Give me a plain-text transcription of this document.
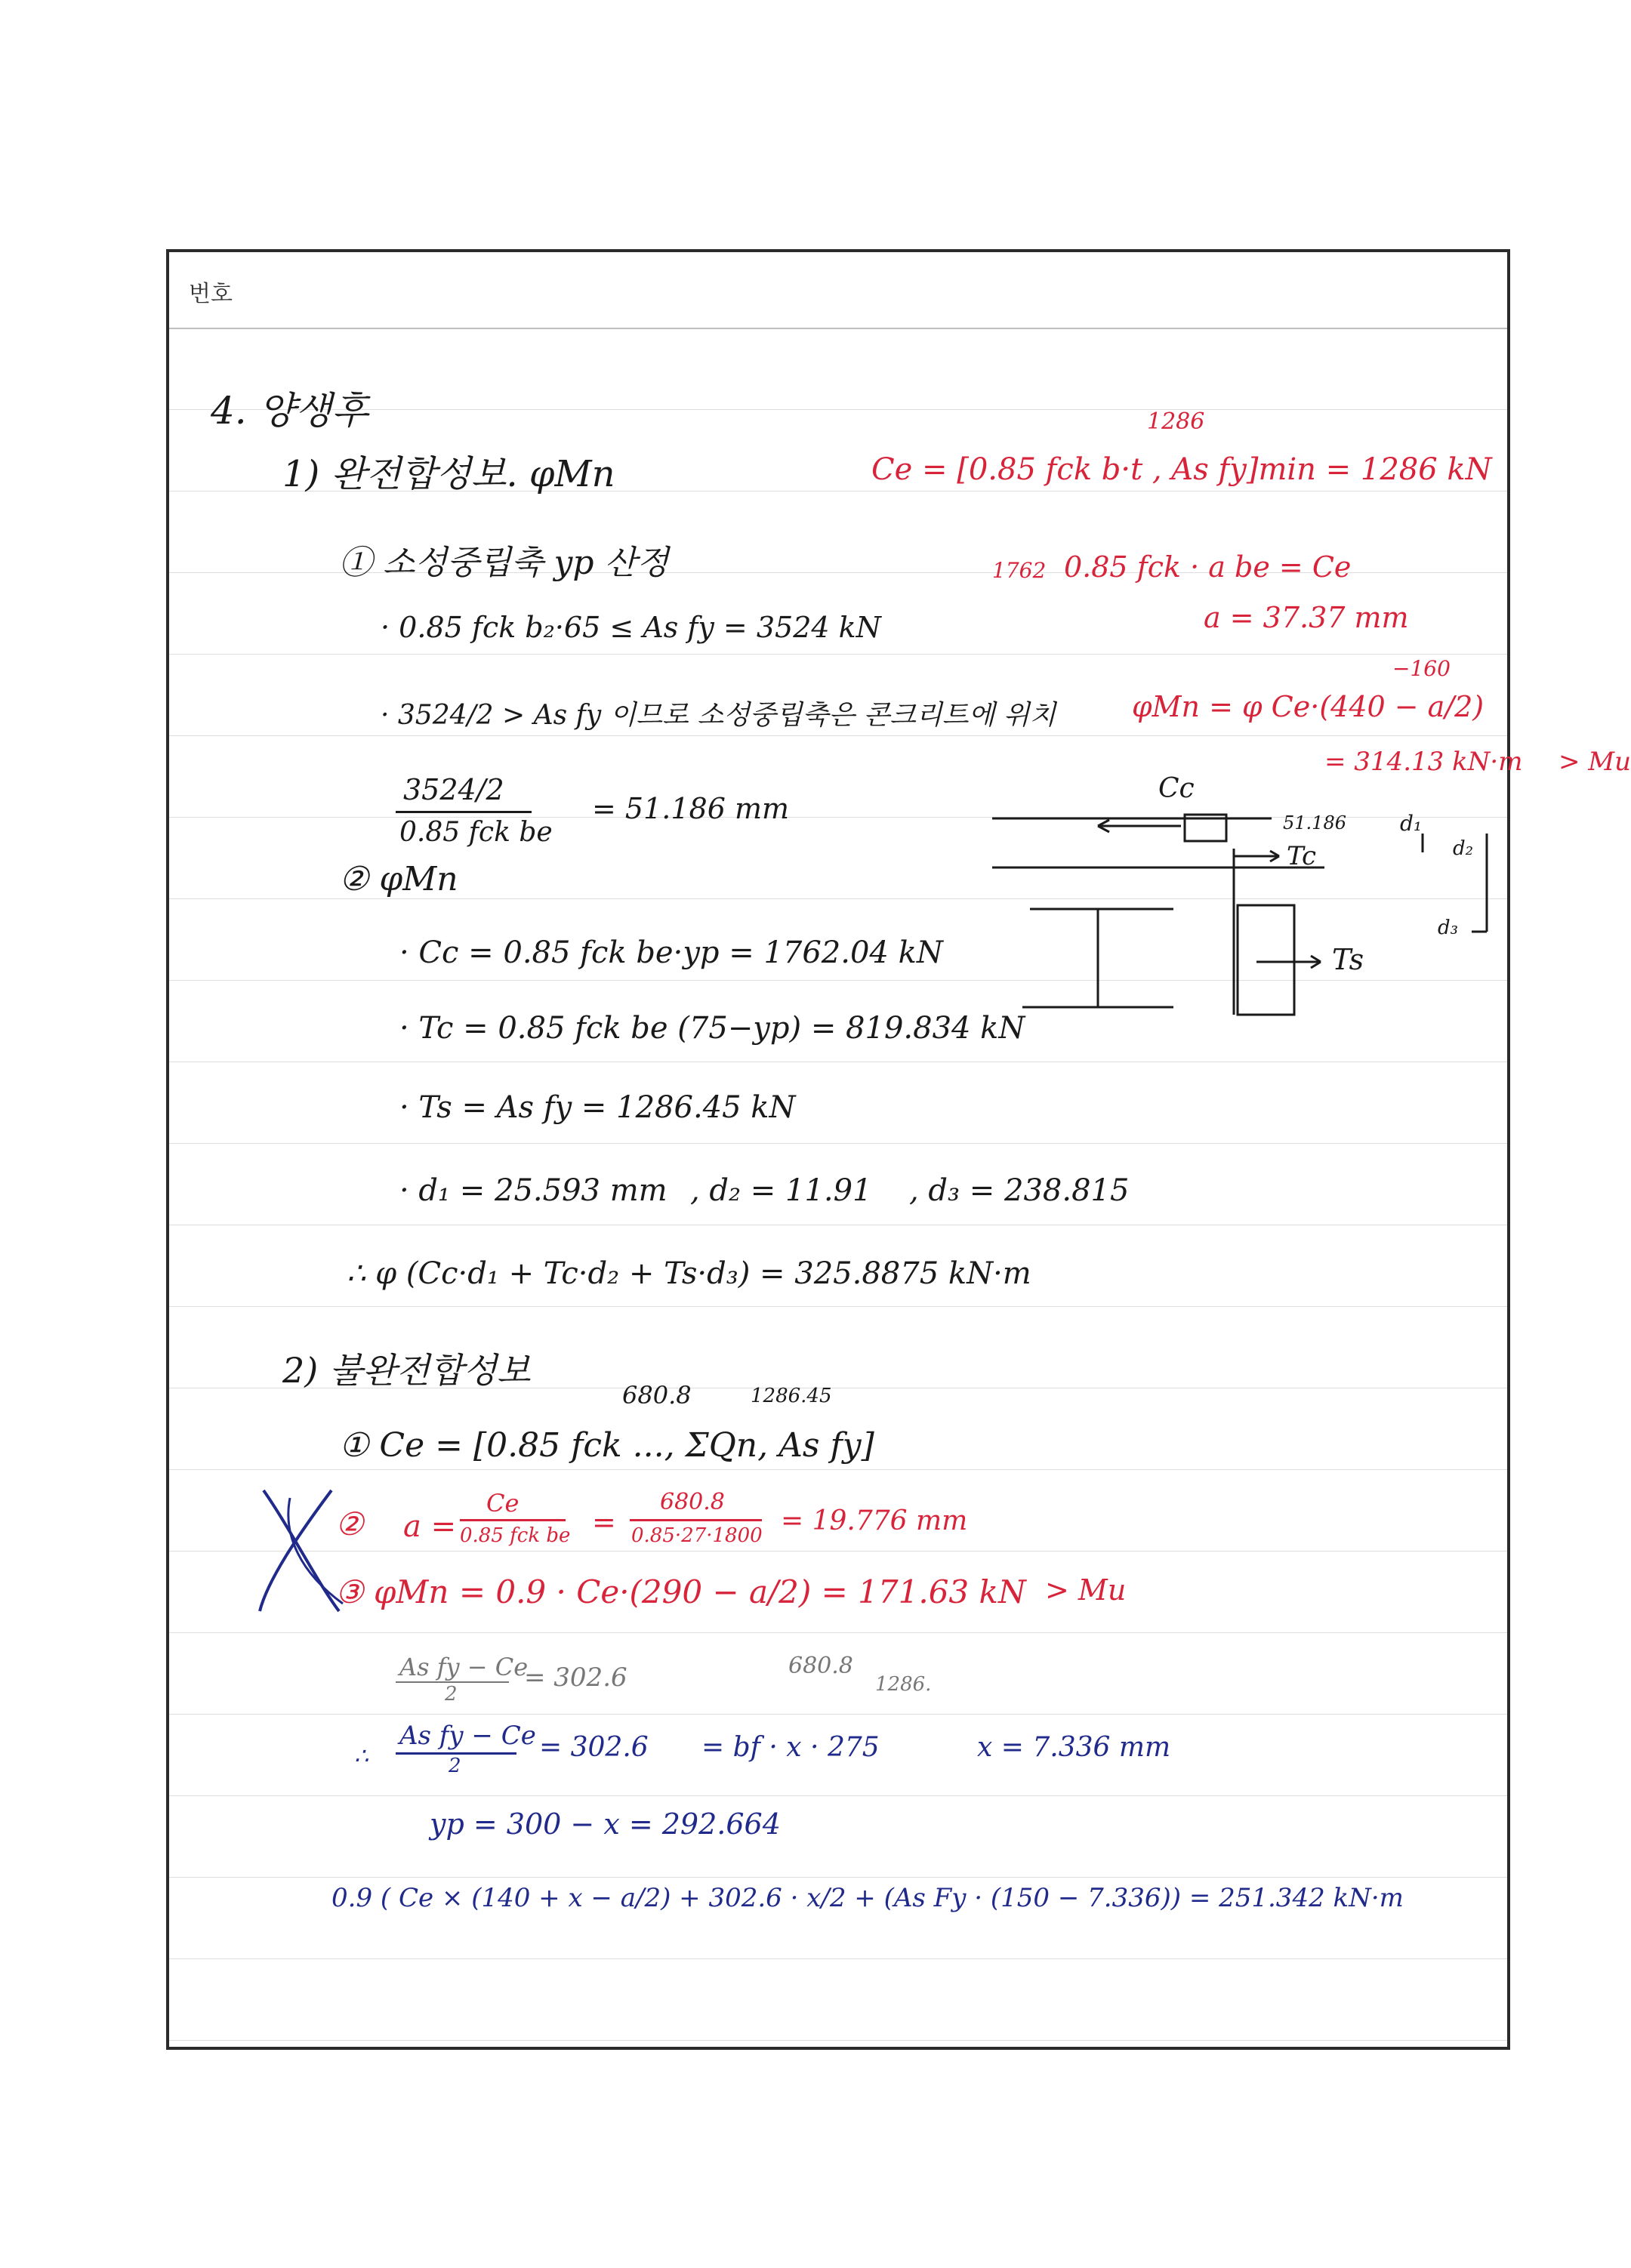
번호
4. 양생후
1) 완전합성보. φMn
① 소성중립축 yp 산정
· 0.85 fck b₂·65 ≤ As fy = 3524 kN
· 3524/2 > As fy 이므로 소성중립축은 콘크리트에 위치
3524/2
0.85 fck be
= 51.186 mm
② φMn
· Cc = 0.85 fck be·yp = 1762.04 kN
· Tc = 0.85 fck be (75−yp) = 819.834 kN
· Ts = As fy = 1286.45 kN
· d₁ = 25.593 mm , d₂ = 11.91 , d₃ = 238.815
∴ φ (Cc·d₁ + Tc·d₂ + Ts·d₃) = 325.8875 kN·m
1286
Ce = [0.85 fck b·t , As fy]min = 1286 kN
1762 0.85 fck · a be = Ce
a = 37.37 mm
−160
φMn = φ Ce·(440 − a/2)
= 314.13 kN·m > Mu
Cc
51.186
Tc
Ts
d₁
d₂
d₃
2) 불완전합성보
680.8	1286.45
① Ce = [0.85 fck ..., ΣQn, As fy]
② a =
Ce
0.85 fck be =
680.8
0.85·27·1800 = 19.776 mm
③ φMn = 0.9 · Ce·(290 − a/2) = 171.63 kN > Mu
As fy − Ce
2
= 302.6	680.8
1286.
∴
As fy − Ce
2
= 302.6 = bf · x · 275	x = 7.336 mm
yp = 300 − x = 292.664
0.9 ( Ce × (140 + x − a/2) + 302.6 · x/2 + (As Fy · (150 − 7.336)) = 251.342 kN·m
